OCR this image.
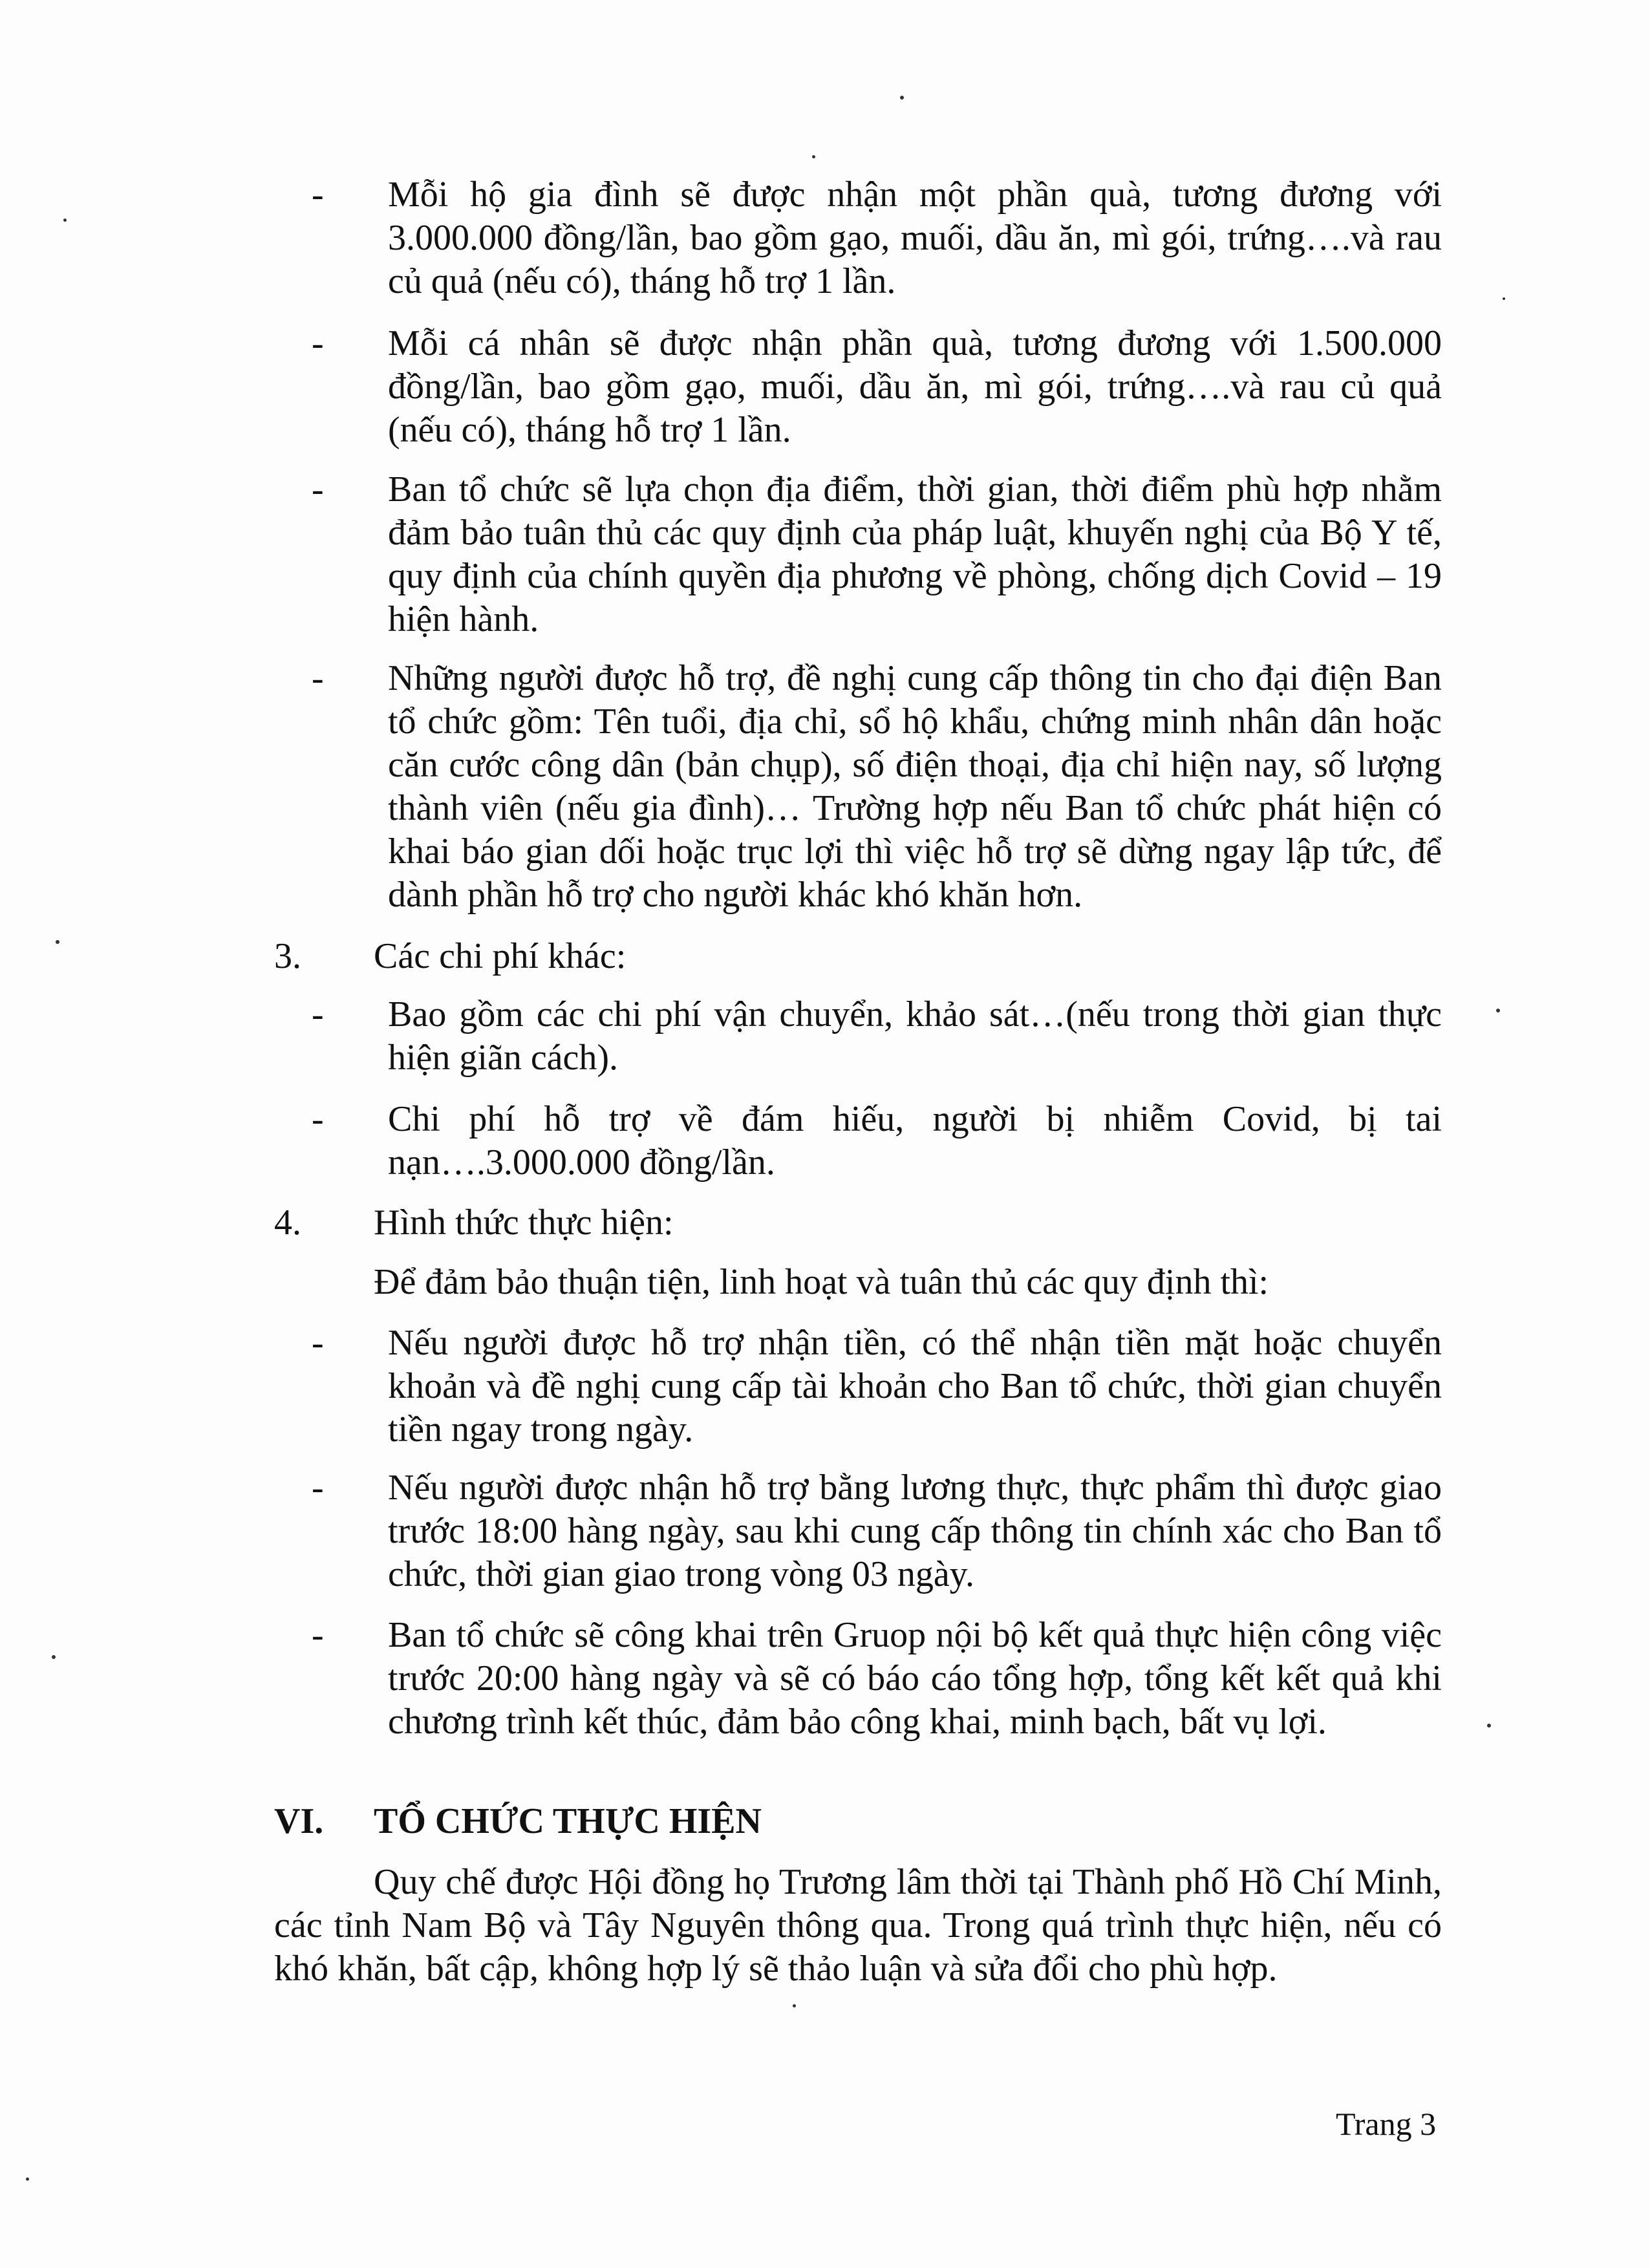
-	Mỗi hộ gia đình sẽ được nhận một phần quà, tương đương với 3.000.000 đồng/lần, bao gồm gạo, muối, dầu ăn, mì gói, trứng….và rau củ quả (nếu có), tháng hỗ trợ 1 lần.
-	Mỗi cá nhân sẽ được nhận phần quà, tương đương với 1.500.000 đồng/lần, bao gồm gạo, muối, dầu ăn, mì gói, trứng….và rau củ quả (nếu có), tháng hỗ trợ 1 lần.
-	Ban tổ chức sẽ lựa chọn địa điểm, thời gian, thời điểm phù hợp nhằm đảm bảo tuân thủ các quy định của pháp luật, khuyến nghị của Bộ Y tế, quy định của chính quyền địa phương về phòng, chống dịch Covid – 19 hiện hành.
-	Những người được hỗ trợ, đề nghị cung cấp thông tin cho đại điện Ban tổ chức gồm: Tên tuổi, địa chỉ, sổ hộ khẩu, chứng minh nhân dân hoặc căn cước công dân (bản chụp), số điện thoại, địa chỉ hiện nay, số lượng thành viên (nếu gia đình)… Trường hợp nếu Ban tổ chức phát hiện có khai báo gian dối hoặc trục lợi thì việc hỗ trợ sẽ dừng ngay lập tức, để dành phần hỗ trợ cho người khác khó khăn hơn.
3.	Các chi phí khác:
-	Bao gồm các chi phí vận chuyển, khảo sát…(nếu trong thời gian thực hiện giãn cách).
-	Chi phí hỗ trợ về đám hiếu, người bị nhiễm Covid, bị tai nạn….3.000.000 đồng/lần.
4.	Hình thức thực hiện:
Để đảm bảo thuận tiện, linh hoạt và tuân thủ các quy định thì:
-	Nếu người được hỗ trợ nhận tiền, có thể nhận tiền mặt hoặc chuyển khoản và đề nghị cung cấp tài khoản cho Ban tổ chức, thời gian chuyển tiền ngay trong ngày.
-	Nếu người được nhận hỗ trợ bằng lương thực, thực phẩm thì được giao trước 18:00 hàng ngày, sau khi cung cấp thông tin chính xác cho Ban tổ chức, thời gian giao trong vòng 03 ngày.
-	Ban tổ chức sẽ công khai trên Gruop nội bộ kết quả thực hiện công việc trước 20:00 hàng ngày và sẽ có báo cáo tổng hợp, tổng kết kết quả khi chương trình kết thúc, đảm bảo công khai, minh bạch, bất vụ lợi.
VI. TỔ CHỨC THỰC HIỆN
Quy chế được Hội đồng họ Trương lâm thời tại Thành phố Hồ Chí Minh, các tỉnh Nam Bộ và Tây Nguyên thông qua. Trong quá trình thực hiện, nếu có khó khăn, bất cập, không hợp lý sẽ thảo luận và sửa đổi cho phù hợp.
Trang 3
